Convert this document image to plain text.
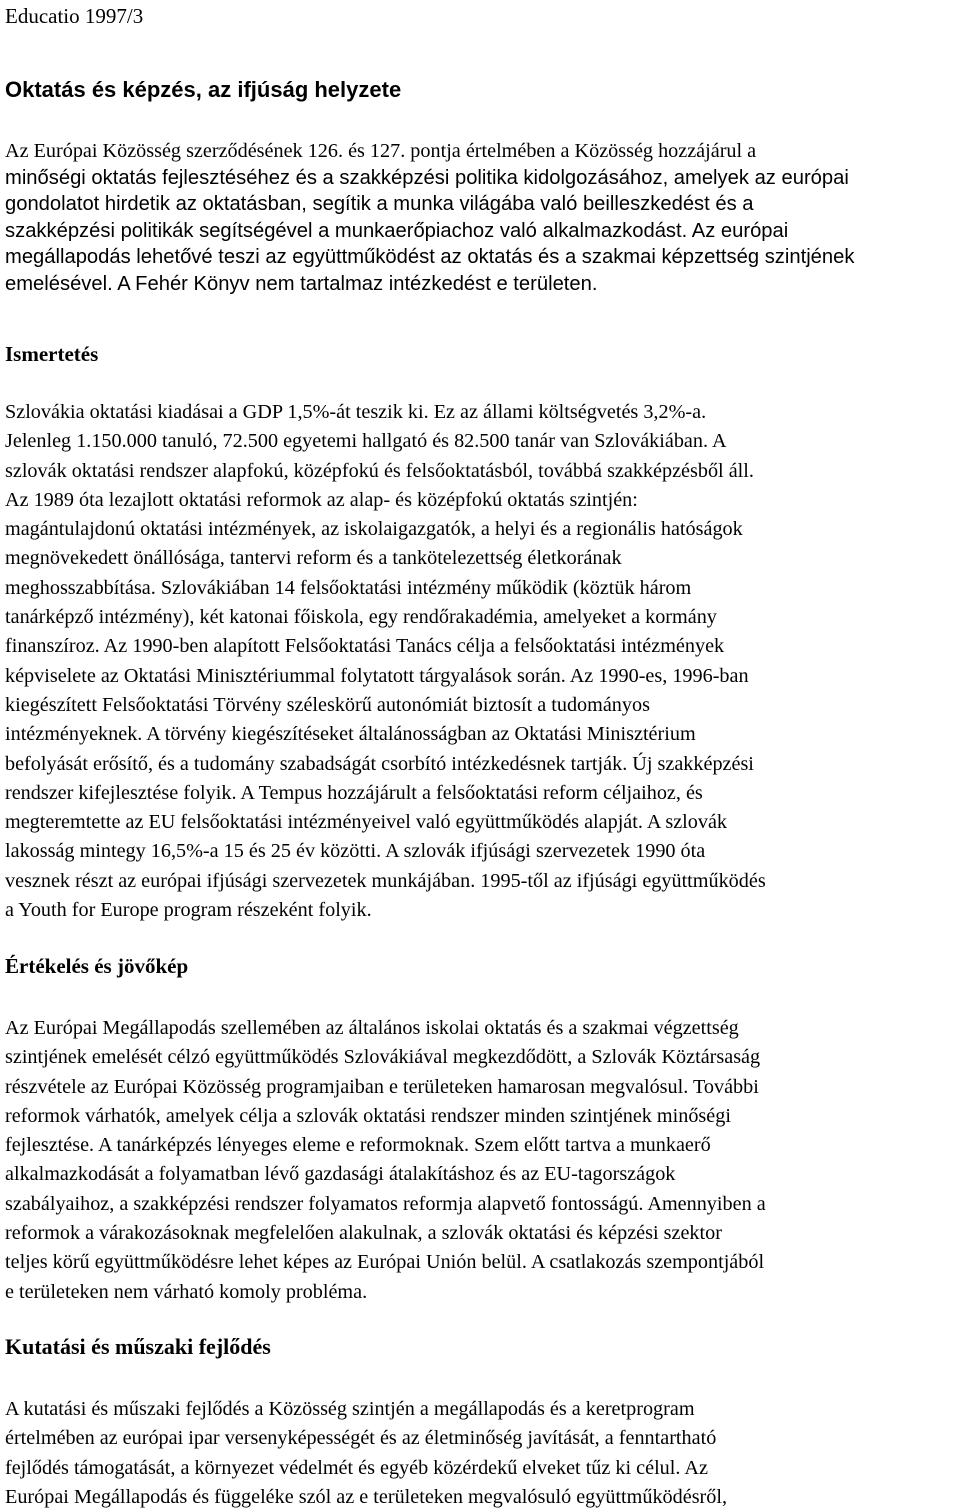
Educatio 1997/3
Oktatás és képzés, az ifjúság helyzete
Az Európai Közösség szerződésének 126. és 127. pontja értelmében a Közösség hozzájárul a
minőségi oktatás fejlesztéséhez és a szakképzési politika kidolgozásához, amelyek az európai
gondolatot hirdetik az oktatásban, segítik a munka világába való beilleszkedést és a
szakképzési politikák segítségével a munkaerőpiachoz való alkalmazkodást. Az európai
megállapodás lehetővé teszi az együttműködést az oktatás és a szakmai képzettség szintjének
emelésével. A Fehér Könyv nem tartalmaz intézkedést e területen.
Ismertetés
Szlovákia oktatási kiadásai a GDP 1,5%-át teszik ki. Ez az állami költségvetés 3,2%-a.
Jelenleg 1.150.000 tanuló, 72.500 egyetemi hallgató és 82.500 tanár van Szlovákiában. A
szlovák oktatási rendszer alapfokú, középfokú és felsőoktatásból, továbbá szakképzésből áll.
Az 1989 óta lezajlott oktatási reformok az alap- és középfokú oktatás szintjén:
magántulajdonú oktatási intézmények, az iskolaigazgatók, a helyi és a regionális hatóságok
megnövekedett önállósága, tantervi reform és a tankötelezettség életkorának
meghosszabbítása. Szlovákiában 14 felsőoktatási intézmény működik (köztük három
tanárképző intézmény), két katonai főiskola, egy rendőrakadémia, amelyeket a kormány
finanszíroz. Az 1990-ben alapított Felsőoktatási Tanács célja a felsőoktatási intézmények
képviselete az Oktatási Minisztériummal folytatott tárgyalások során. Az 1990-es, 1996-ban
kiegészített Felsőoktatási Törvény széleskörű autonómiát biztosít a tudományos
intézményeknek. A törvény kiegészítéseket általánosságban az Oktatási Minisztérium
befolyását erősítő, és a tudomány szabadságát csorbító intézkedésnek tartják. Új szakképzési
rendszer kifejlesztése folyik. A Tempus hozzájárult a felsőoktatási reform céljaihoz, és
megteremtette az EU felsőoktatási intézményeivel való együttműködés alapját. A szlovák
lakosság mintegy 16,5%-a 15 és 25 év közötti. A szlovák ifjúsági szervezetek 1990 óta
vesznek részt az európai ifjúsági szervezetek munkájában. 1995-től az ifjúsági együttműködés
a Youth for Europe program részeként folyik.
Értékelés és jövőkép
Az Európai Megállapodás szellemében az általános iskolai oktatás és a szakmai végzettség
szintjének emelését célzó együttműködés Szlovákiával megkezdődött, a Szlovák Köztársaság
részvétele az Európai Közösség programjaiban e területeken hamarosan megvalósul. További
reformok várhatók, amelyek célja a szlovák oktatási rendszer minden szintjének minőségi
fejlesztése. A tanárképzés lényeges eleme e reformoknak. Szem előtt tartva a munkaerő
alkalmazkodását a folyamatban lévő gazdasági átalakításhoz és az EU-tagországok
szabályaihoz, a szakképzési rendszer folyamatos reformja alapvető fontosságú. Amennyiben a
reformok a várakozásoknak megfelelően alakulnak, a szlovák oktatási és képzési szektor
teljes körű együttműködésre lehet képes az Európai Unión belül. A csatlakozás szempontjából
e területeken nem várható komoly probléma.
Kutatási és műszaki fejlődés
A kutatási és műszaki fejlődés a Közösség szintjén a megállapodás és a keretprogram
értelmében az európai ipar versenyképességét és az életminőség javítását, a fenntartható
fejlődés támogatását, a környezet védelmét és egyéb közérdekű elveket tűz ki célul. Az
Európai Megállapodás és függeléke szól az e területeken megvalósuló együttműködésről,
